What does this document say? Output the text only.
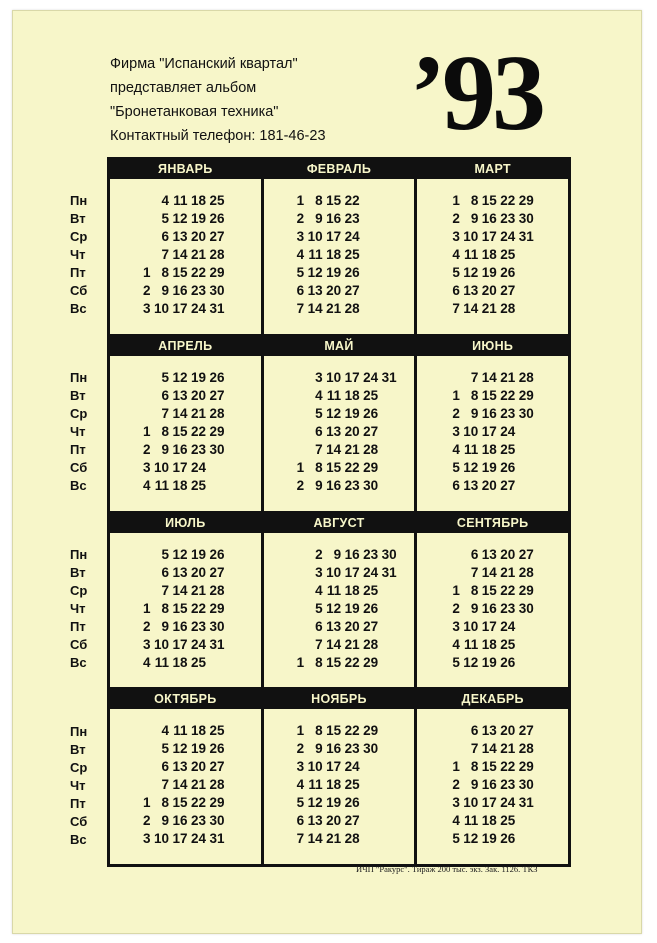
Фирма "Испанский квартал"
представляет альбом
"Бронетанковая техника"
Контактный телефон: 181-46-23 ’93
Пн
Вт
Ср
Чт
Пт
Сб
Вс
Пн
Вт
Ср
Чт
Пт
Сб
Вс
Пн
Вт
Ср
Чт
Пт
Сб
Вс
Пн
Вт
Ср
Чт
Пт
Сб
Вс
ЯНВАРЬ
4 11 18 25
5 12 19 26
6 13 20 27
7 14 21 28
1 8 15 22 29
2 9 16 23 30
3 10 17 24 31
ФЕВРАЛЬ
1 8 15 22
2 9 16 23
3 10 17 24
4 11 18 25
5 12 19 26
6 13 20 27
7 14 21 28
МАРТ
1 8 15 22 29
2 9 16 23 30
3 10 17 24 31
4 11 18 25
5 12 19 26
6 13 20 27
7 14 21 28
АПРЕЛЬ
5 12 19 26
6 13 20 27
7 14 21 28
1 8 15 22 29
2 9 16 23 30
3 10 17 24
4 11 18 25
МАЙ
3 10 17 24 31
4 11 18 25
5 12 19 26
6 13 20 27
7 14 21 28
1 8 15 22 29
2 9 16 23 30
ИЮНЬ
7 14 21 28
1 8 15 22 29
2 9 16 23 30
3 10 17 24
4 11 18 25
5 12 19 26
6 13 20 27
ИЮЛЬ
5 12 19 26
6 13 20 27
7 14 21 28
1 8 15 22 29
2 9 16 23 30
3 10 17 24 31
4 11 18 25
АВГУСТ
2 9 16 23 30
3 10 17 24 31
4 11 18 25
5 12 19 26
6 13 20 27
7 14 21 28
1 8 15 22 29
СЕНТЯБРЬ
6 13 20 27
7 14 21 28
1 8 15 22 29
2 9 16 23 30
3 10 17 24
4 11 18 25
5 12 19 26
ОКТЯБРЬ
4 11 18 25
5 12 19 26
6 13 20 27
7 14 21 28
1 8 15 22 29
2 9 16 23 30
3 10 17 24 31
НОЯБРЬ
1 8 15 22 29
2 9 16 23 30
3 10 17 24
4 11 18 25
5 12 19 26
6 13 20 27
7 14 21 28
ДЕКАБРЬ
6 13 20 27
7 14 21 28
1 8 15 22 29
2 9 16 23 30
3 10 17 24 31
4 11 18 25
5 12 19 26
ИЧП "Ракурс". Тираж 200 тыс. экз. Зак. 1126. ТКЗ
